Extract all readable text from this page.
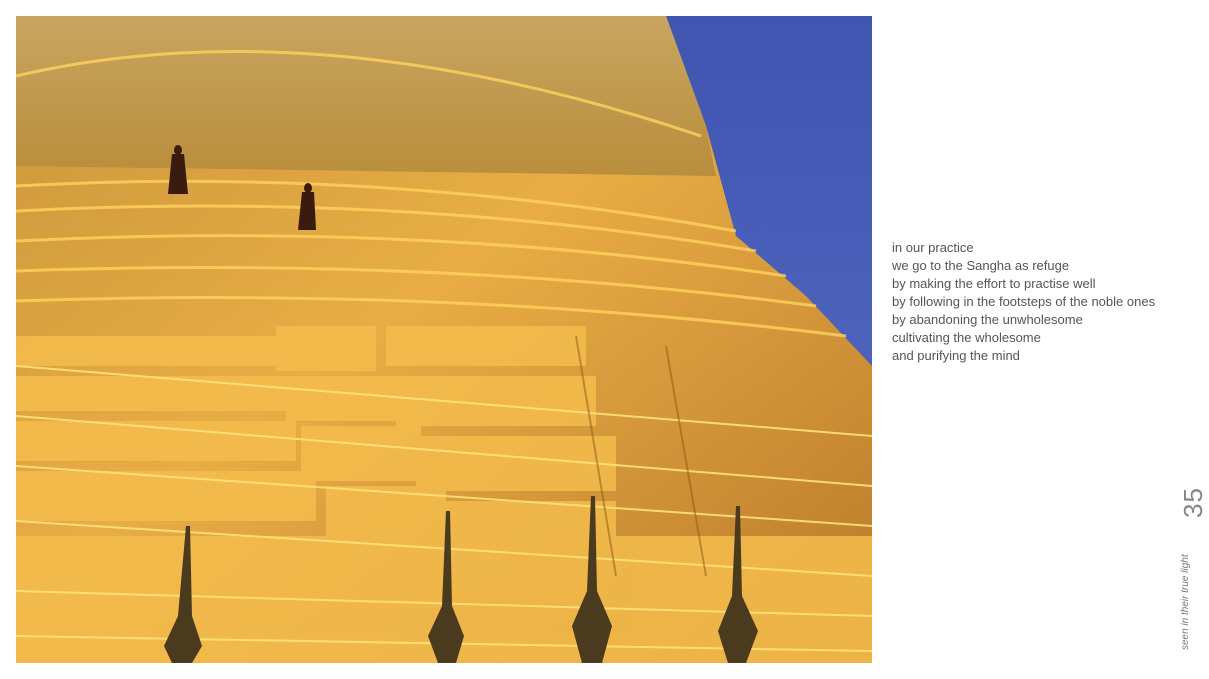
in our practice
we go to the Sangha as refuge
by making the effort to practise well
by following in the footsteps of the noble ones
by abandoning the unwholesome
cultivating the wholesome
and purifying the mind
seen in their true light
35
